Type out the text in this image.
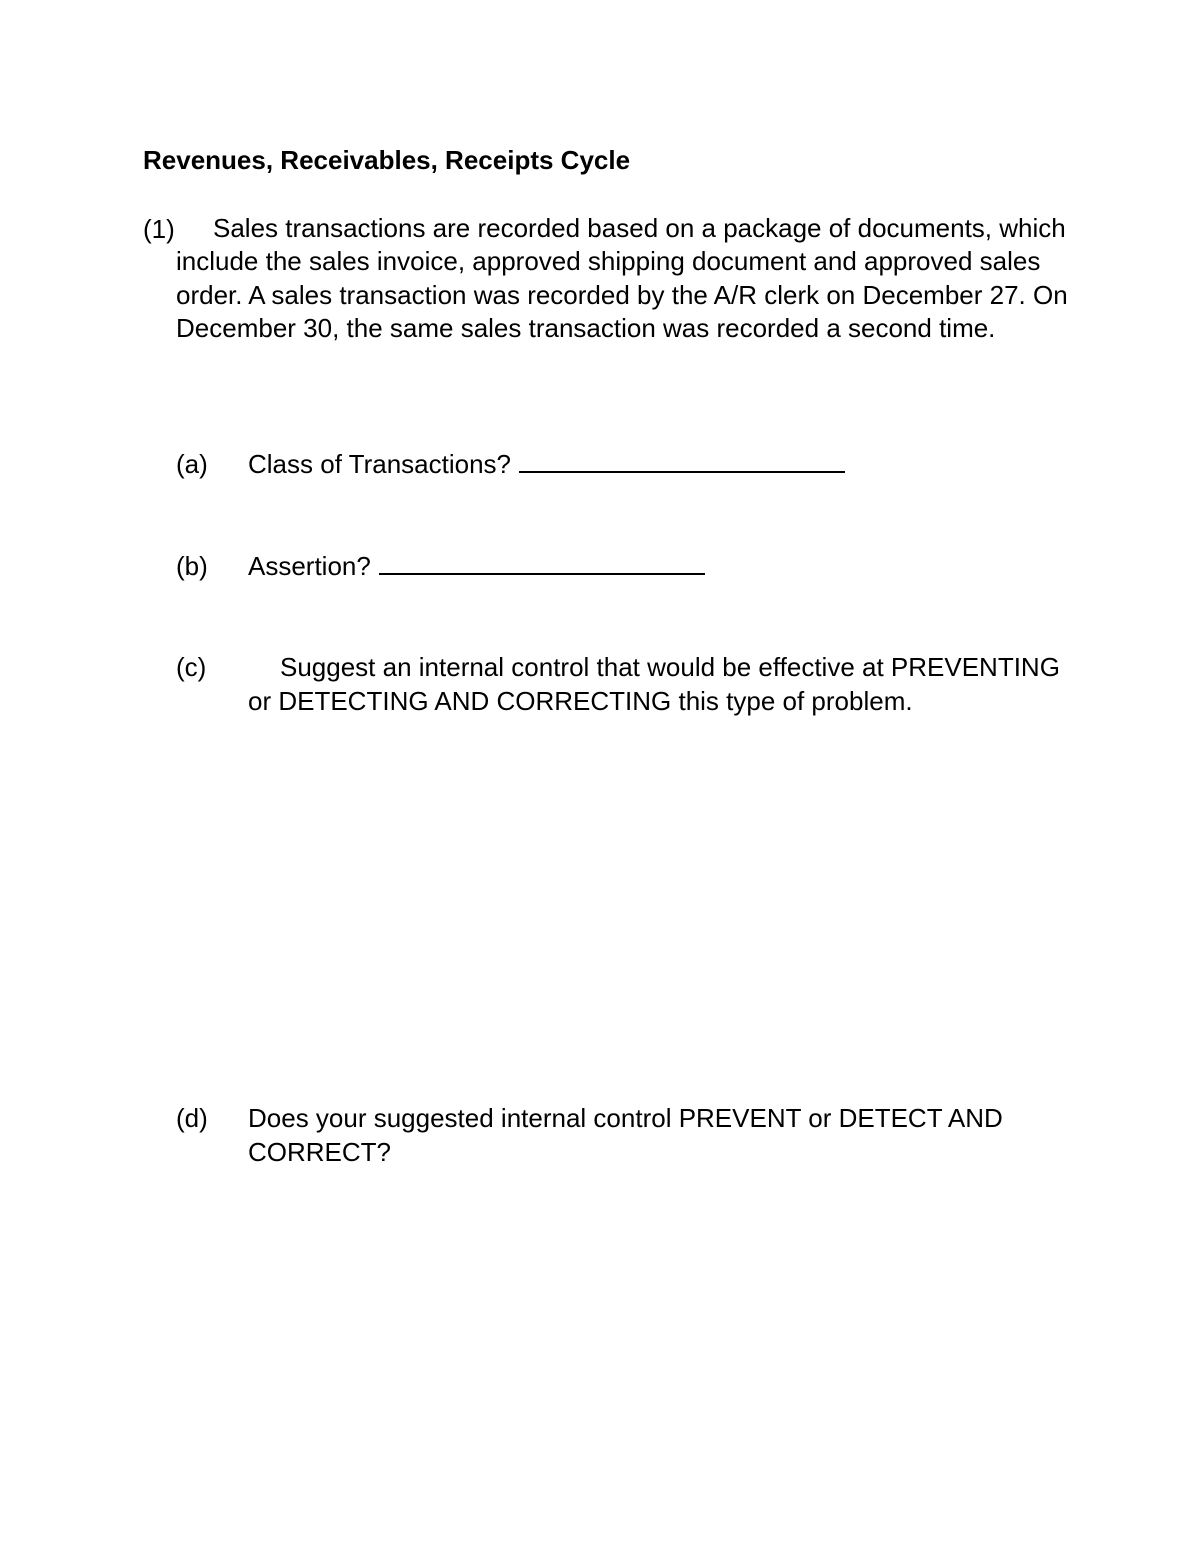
Revenues, Receivables, Receipts Cycle
(1)	Sales transactions are recorded based on a package of documents, which include the sales invoice, approved shipping document and approved sales order. A sales transaction was recorded by the A/R clerk on December 27. On December 30, the same sales transaction was recorded a second time.
(a) Class of Transactions?
(b) Assertion?
(c)	Suggest an internal control that would be effective at PREVENTING or DETECTING AND CORRECTING this type of problem.
(d) Does your suggested internal control PREVENT or DETECT AND CORRECT?
